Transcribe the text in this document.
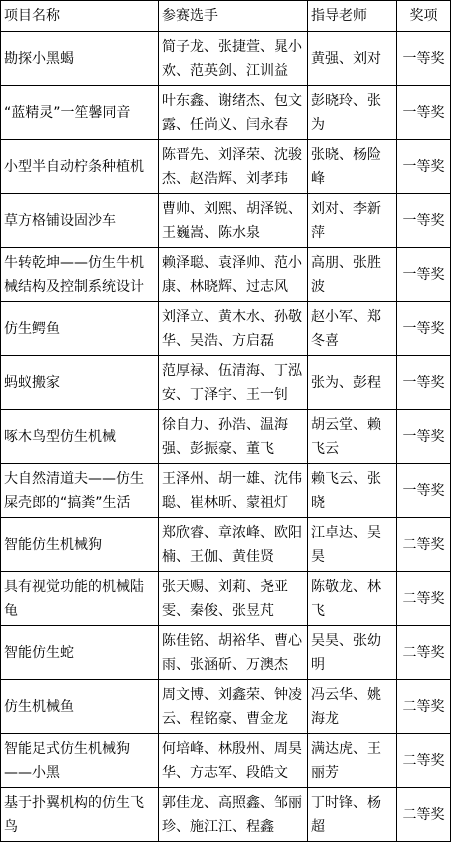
项目名称	参赛选手	指导老师	奖项
勘探小黑蝎	简子龙、张捷萱、晁小欢、范英剑、江训益	黄强、刘对	一等奖
“蓝精灵”一笙馨同音	叶东鑫、谢绪杰、包文露、任尚义、闫永春	彭晓玲、张为	一等奖
小型半自动柠条种植机	陈晋先、刘泽荣、沈骏杰、赵浩辉、刘孝玮	张晓、杨险峰	一等奖
草方格铺设固沙车	曹帅、刘熙、胡泽锐、王巍嵩、陈水泉	刘对、李新萍	一等奖
牛转乾坤——仿生牛机械结构及控制系统设计	赖泽聪、袁泽帅、范小康、林晓辉、过志风	高朋、张胜波	一等奖
仿生鳄鱼	刘泽立、黄木水、孙敬华、吴浩、方启磊	赵小军、郑冬喜	一等奖
蚂蚁搬家	范厚禄、伍清海、丁泓安、丁泽宇、王一钊	张为、彭程	一等奖
啄木鸟型仿生机械	徐自力、孙浩、温海强、彭振豪、董飞	胡云堂、赖飞云	一等奖
大自然清道夫——仿生屎壳郎的“搞粪”生活	王泽州、胡一雄、沈伟聪、崔林昕、蒙祖灯	赖飞云、张晓	一等奖
智能仿生机械狗	郑欣睿、章浓峰、欧阳楠、王伽、黄佳贤	江卓达、吴昊	二等奖
具有视觉功能的机械陆龟	张天赐、刘莉、尧亚雯、秦俊、张昱芃	陈敬龙、林飞	二等奖
智能仿生蛇	陈佳铭、胡裕华、曹心雨、张涵斫、万澳杰	吴昊、张幼明	二等奖
仿生机械鱼	周文博、刘鑫荣、钟凌云、程铭豪、曹金龙	冯云华、姚海龙	二等奖
智能足式仿生机械狗——小黑	何培峰、林殷州、周昊华、方志军、段皓文	满达虎、王丽芳	二等奖
基于扑翼机构的仿生飞鸟	郭佳龙、高照鑫、邹丽珍、施江江、程鑫	丁时锋、杨超	二等奖
